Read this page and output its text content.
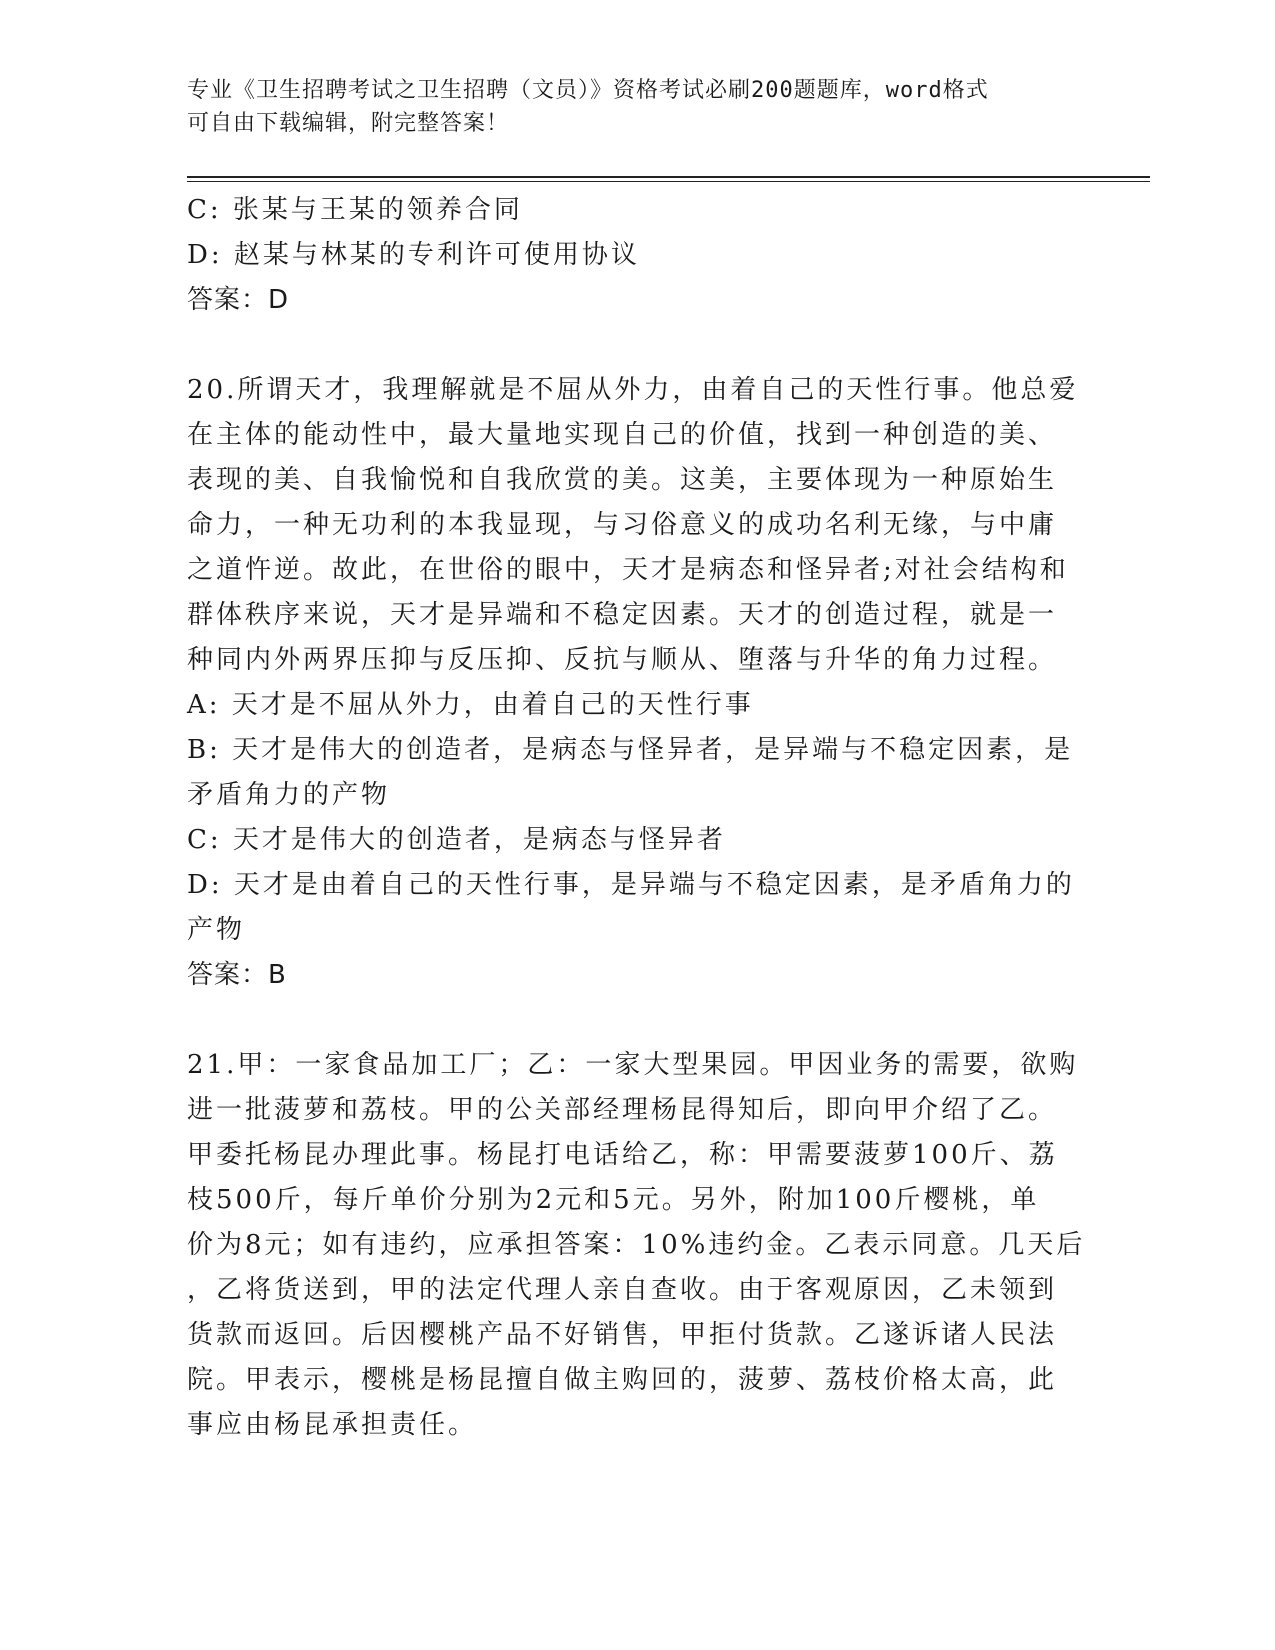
专业《卫生招聘考试之卫生招聘（文员）》资格考试必刷200题题库，word格式
可自由下载编辑，附完整答案！
C: 张某与王某的领养合同
D: 赵某与林某的专利许可使用协议
答案：D
20.所谓天才，我理解就是不屈从外力，由着自己的天性行事。他总爱
在主体的能动性中，最大量地实现自己的价值，找到一种创造的美、
表现的美、自我愉悦和自我欣赏的美。这美，主要体现为一种原始生
命力，一种无功利的本我显现，与习俗意义的成功名利无缘，与中庸
之道忤逆。故此，在世俗的眼中，天才是病态和怪异者;对社会结构和
群体秩序来说，天才是异端和不稳定因素。天才的创造过程，就是一
种同内外两界压抑与反压抑、反抗与顺从、堕落与升华的角力过程。
A: 天才是不屈从外力，由着自己的天性行事
B: 天才是伟大的创造者，是病态与怪异者，是异端与不稳定因素，是
矛盾角力的产物
C: 天才是伟大的创造者，是病态与怪异者
D: 天才是由着自己的天性行事，是异端与不稳定因素，是矛盾角力的
产物
答案：B
21.甲：一家食品加工厂；乙：一家大型果园。甲因业务的需要，欲购
进一批菠萝和荔枝。甲的公关部经理杨昆得知后，即向甲介绍了乙。
甲委托杨昆办理此事。杨昆打电话给乙，称：甲需要菠萝100斤、荔
枝500斤，每斤单价分别为2元和5元。另外，附加100斤樱桃，单
价为8元；如有违约，应承担答案：10%违约金。乙表示同意。几天后
，乙将货送到，甲的法定代理人亲自查收。由于客观原因，乙未领到
货款而返回。后因樱桃产品不好销售，甲拒付货款。乙遂诉诸人民法
院。甲表示，樱桃是杨昆擅自做主购回的，菠萝、荔枝价格太高，此
事应由杨昆承担责任。
